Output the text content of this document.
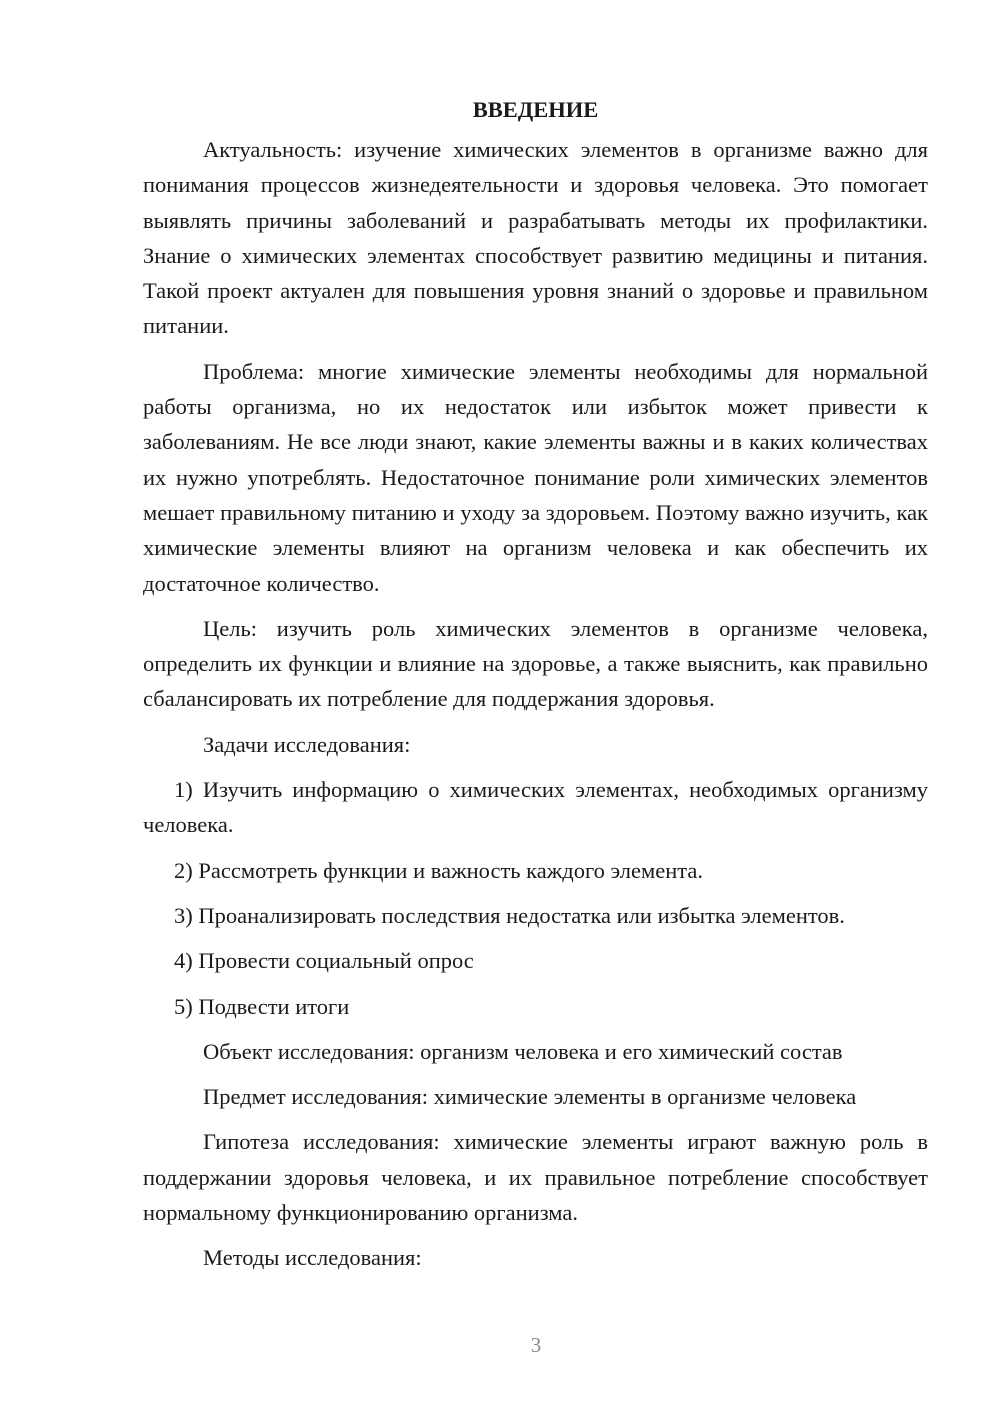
ВВЕДЕНИЕ

Актуальность: изучение химических элементов в организме важно для понимания процессов жизнедеятельности и здоровья человека. Это помогает выявлять причины заболеваний и разрабатывать методы их профилактики. Знание о химических элементах способствует развитию медицины и питания. Такой проект актуален для повышения уровня знаний о здоровье и правильном питании.

Проблема: многие химические элементы необходимы для нормальной работы организма, но их недостаток или избыток может привести к заболеваниям. Не все люди знают, какие элементы важны и в каких количествах их нужно употреблять. Недостаточное понимание роли химических элементов мешает правильному питанию и уходу за здоровьем. Поэтому важно изучить, как химические элементы влияют на организм человека и как обеспечить их достаточное количество.

Цель: изучить роль химических элементов в организме человека, определить их функции и влияние на здоровье, а также выяснить, как правильно сбалансировать их потребление для поддержания здоровья.

Задачи исследования:

1) Изучить информацию о химических элементах, необходимых организму человека.

2) Рассмотреть функции и важность каждого элемента.

3) Проанализировать последствия недостатка или избытка элементов.

4) Провести социальный опрос

5) Подвести итоги

Объект исследования: организм человека и его химический состав

Предмет исследования: химические элементы в организме человека

Гипотеза исследования: химические элементы играют важную роль в поддержании здоровья человека, и их правильное потребление способствует нормальному функционированию организма.

Методы исследования:

3
